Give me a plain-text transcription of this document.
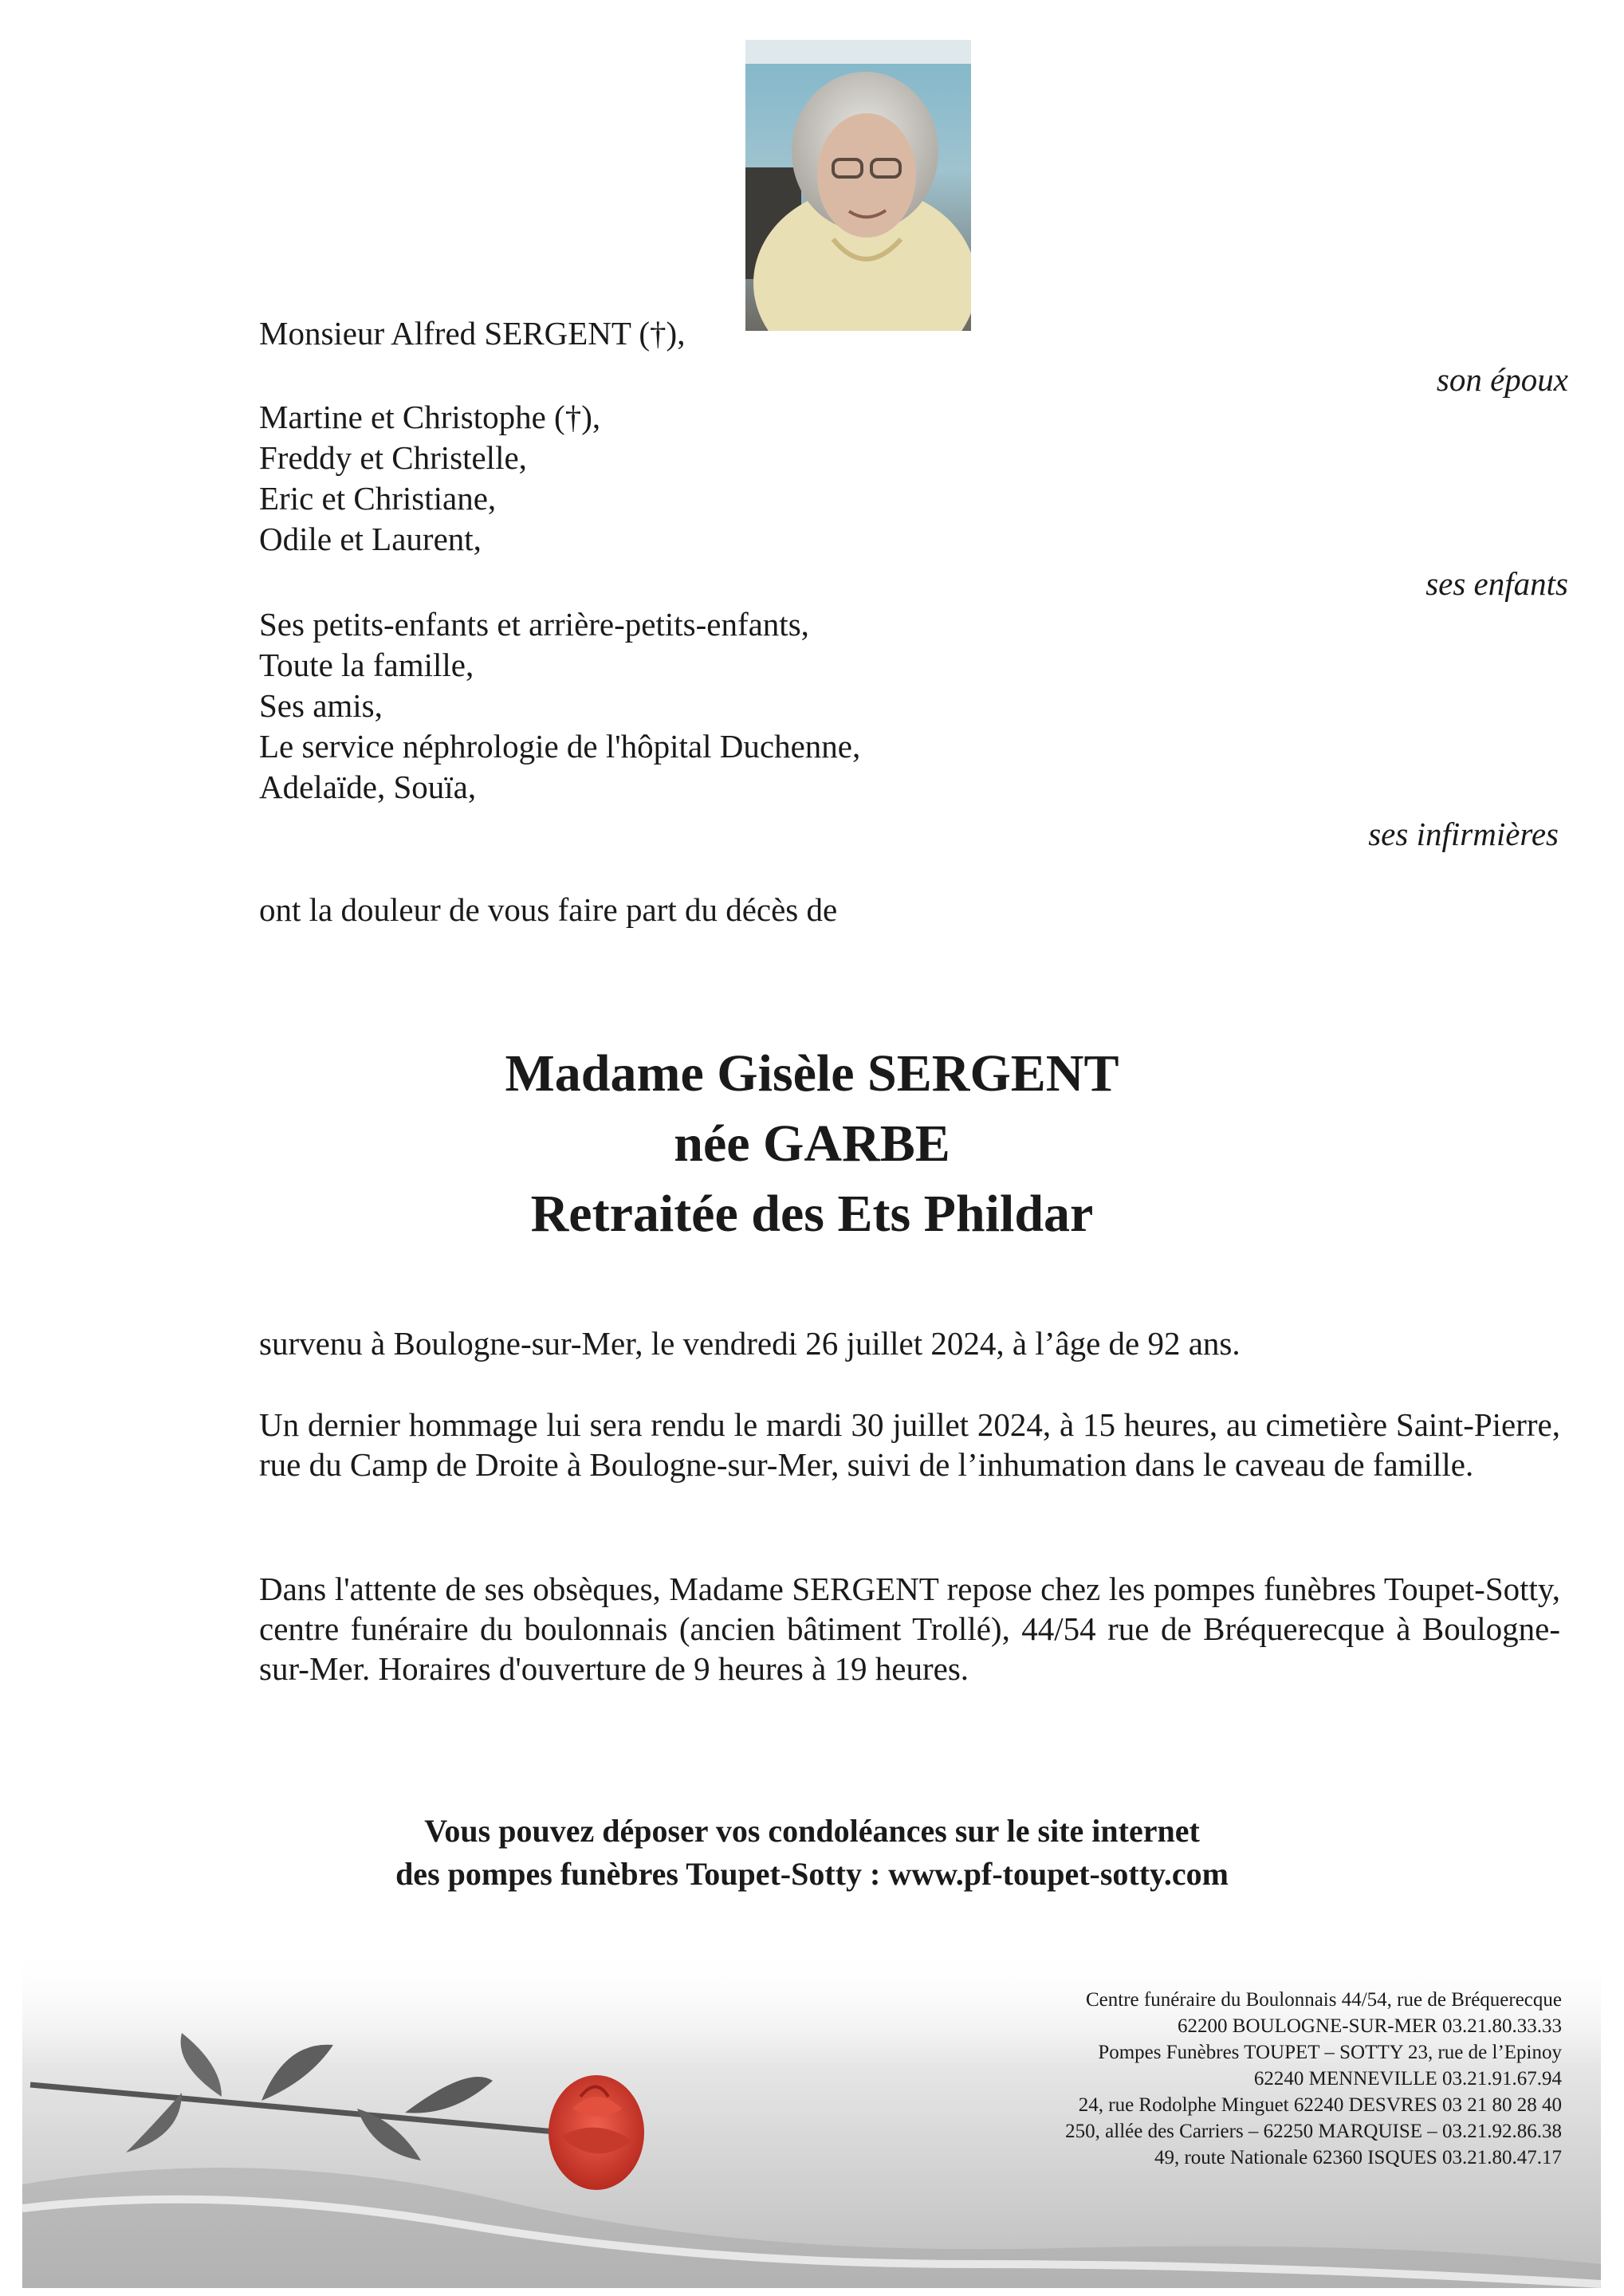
Monsieur Alfred SERGENT (†),
son époux
Martine et Christophe (†),
Freddy et Christelle,
Eric et Christiane,
Odile et Laurent,
ses enfants
Ses petits-enfants et arrière-petits-enfants,
Toute la famille,
Ses amis,
Le service néphrologie de l'hôpital Duchenne,
Adelaïde, Souïa,
ses infirmières
ont la douleur de vous faire part du décès de
Madame Gisèle SERGENT
née GARBE
Retraitée des Ets Phildar
survenu à Boulogne-sur-Mer, le vendredi 26 juillet 2024, à l’âge de 92 ans.
Un dernier hommage lui sera rendu le mardi 30 juillet 2024, à 15 heures, au cimetière Saint-Pierre, rue du Camp de Droite à Boulogne-sur-Mer, suivi de l’inhumation dans le caveau de famille.
Dans l'attente de ses obsèques, Madame SERGENT repose chez les pompes funèbres Toupet-Sotty, centre funéraire du boulonnais (ancien bâtiment Trollé), 44/54 rue de Bréquerecque à Boulogne-sur-Mer. Horaires d'ouverture de 9 heures à 19 heures.
Vous pouvez déposer vos condoléances sur le site internet
des pompes funèbres Toupet-Sotty : www.pf-toupet-sotty.com
Centre funéraire du Boulonnais 44/54, rue de Bréquerecque
62200 BOULOGNE-SUR-MER 03.21.80.33.33
Pompes Funèbres TOUPET – SOTTY 23, rue de l’Epinoy
62240 MENNEVILLE 03.21.91.67.94
24, rue Rodolphe Minguet 62240 DESVRES 03 21 80 28 40
250, allée des Carriers – 62250 MARQUISE – 03.21.92.86.38
49, route Nationale 62360 ISQUES 03.21.80.47.17
